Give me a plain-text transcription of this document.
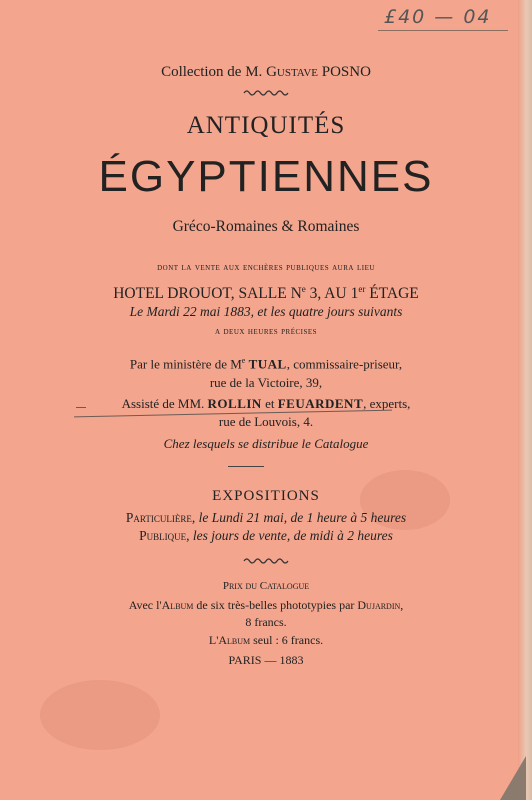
£40 — 04
Collection de M. Gustave POSNO
ANTIQUITÉS
ÉGYPTIENNES
Gréco-Romaines & Romaines
dont la vente aux enchères publiques aura lieu
HOTEL DROUOT, SALLE $N^e$ 3, AU 1er ÉTAGE
Le Mardi 22 mai 1883, et les quatre jours suivants
a deux heures précises
Par le ministère de Me TUAL, commissaire-priseur,
rue de la Victoire, 39,
Assisté de MM. ROLLIN et FEUARDENT, experts,
rue de Louvois, 4.
Chez lesquels se distribue le Catalogue
EXPOSITIONS
Particulière, le Lundi 21 mai, de 1 heure à 5 heures
Publique, les jours de vente, de midi à 2 heures
Prix du Catalogue
Avec l'Album de six très-belles phototypies par Dujardin,
8 francs.
L'Album seul : 6 francs.
PARIS — 1883
